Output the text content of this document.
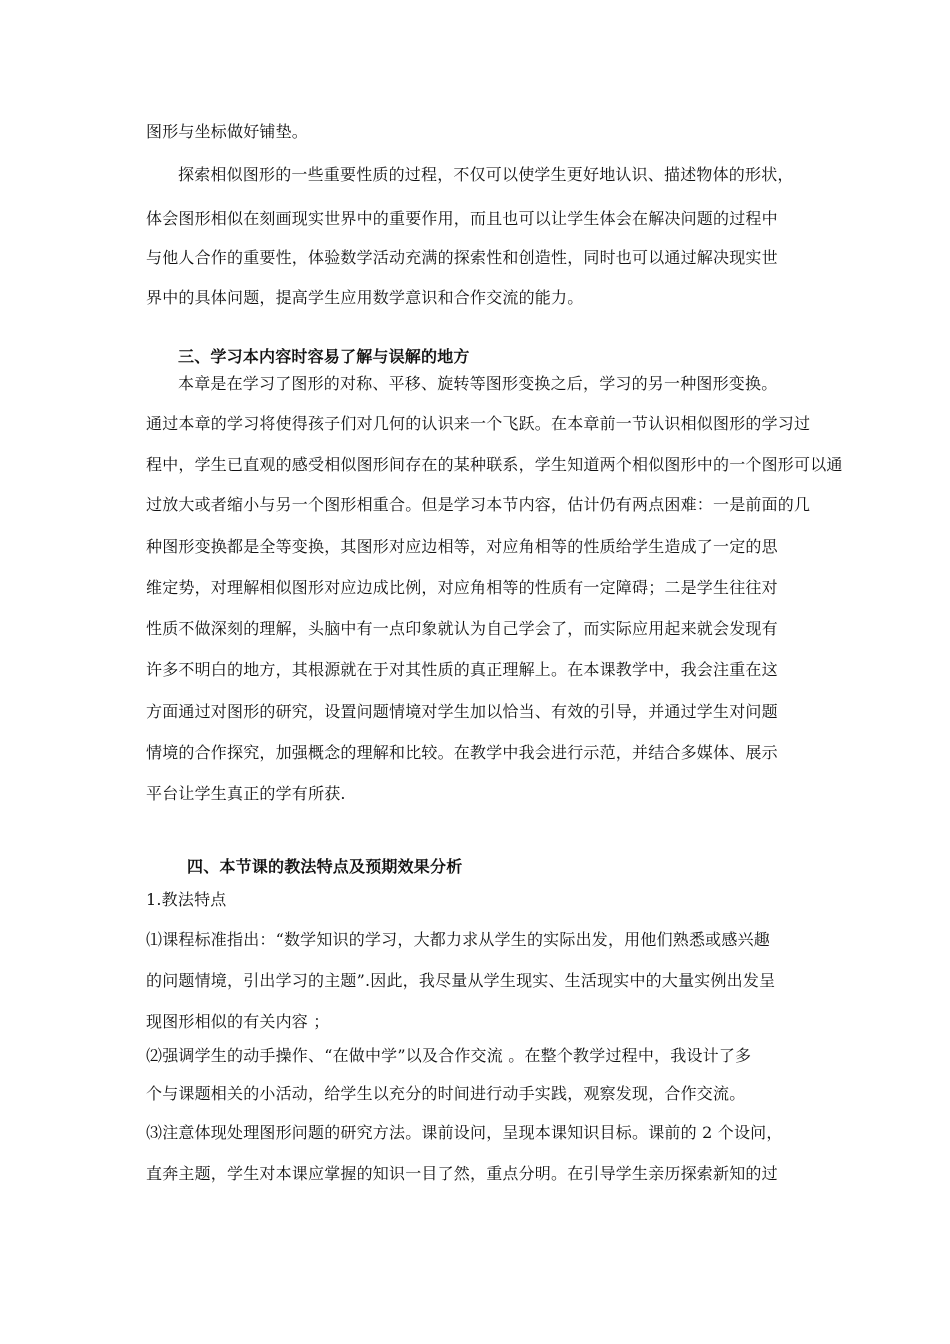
图形与坐标做好铺垫。
探索相似图形的一些重要性质的过程，不仅可以使学生更好地认识、描述物体的形状，
体会图形相似在刻画现实世界中的重要作用，而且也可以让学生体会在解决问题的过程中
与他人合作的重要性，体验数学活动充满的探索性和创造性，同时也可以通过解决现实世
界中的具体问题，提高学生应用数学意识和合作交流的能力。
三、学习本内容时容易了解与误解的地方
本章是在学习了图形的对称、平移、旋转等图形变换之后，学习的另一种图形变换。
通过本章的学习将使得孩子们对几何的认识来一个飞跃。在本章前一节认识相似图形的学习过
程中，学生已直观的感受相似图形间存在的某种联系，学生知道两个相似图形中的一个图形可以通
过放大或者缩小与另一个图形相重合。但是学习本节内容，估计仍有两点困难：一是前面的几
种图形变换都是全等变换，其图形对应边相等，对应角相等的性质给学生造成了一定的思
维定势，对理解相似图形对应边成比例，对应角相等的性质有一定障碍；二是学生往往对
性质不做深刻的理解，头脑中有一点印象就认为自己学会了，而实际应用起来就会发现有
许多不明白的地方，其根源就在于对其性质的真正理解上。在本课教学中，我会注重在这
方面通过对图形的研究，设置问题情境对学生加以恰当、有效的引导，并通过学生对问题
情境的合作探究，加强概念的理解和比较。在教学中我会进行示范，并结合多媒体、展示
平台让学生真正的学有所获.
四、本节课的教法特点及预期效果分析
1.教法特点
⑴课程标准指出：“数学知识的学习，大都力求从学生的实际出发，用他们熟悉或感兴趣
的问题情境，引出学习的主题”.因此，我尽量从学生现实、生活现实中的大量实例出发呈
现图形相似的有关内容 ；
⑵强调学生的动手操作、“在做中学”以及合作交流 。在整个教学过程中，我设计了多
个与课题相关的小活动，给学生以充分的时间进行动手实践，观察发现，合作交流。
⑶注意体现处理图形问题的研究方法。课前设问，呈现本课知识目标。课前的 2 个设问，
直奔主题，学生对本课应掌握的知识一目了然，重点分明。在引导学生亲历探索新知的过
